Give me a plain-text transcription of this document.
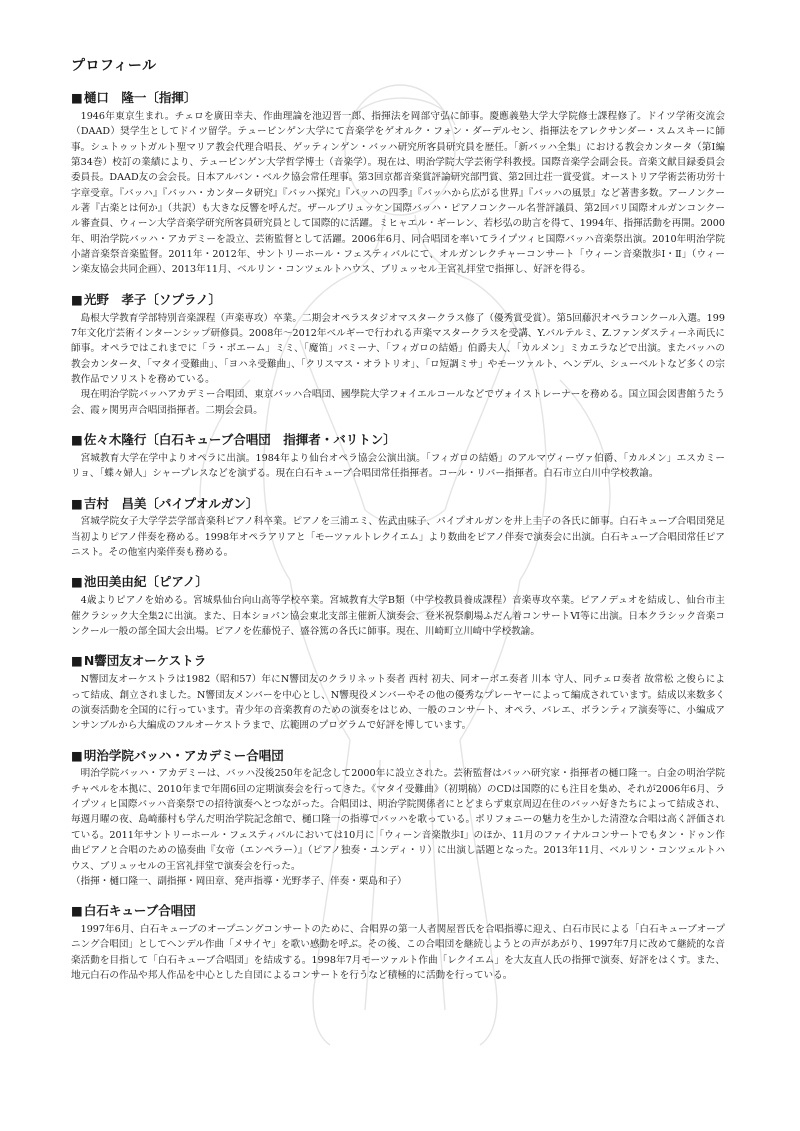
プロフィール
■樋口　隆一〔指揮〕

1946年東京生まれ。チェロを廣田幸夫、作曲理論を池辺晋一郎、指揮法を岡部守弘に師事。慶應義塾大学大学院修士課程修了。ドイツ学術交流会（DAAD）奨学生としてドイツ留学。テュービンゲン大学にて音楽学をゲオルク・フォン・ダーデルセン、指揮法をアレクサンダー・スムスキーに師事。シュトゥットガルト聖マリア教会代理合唱長、ゲッティンゲン・バッハ研究所客員研究員を歴任。「新バッハ全集」における教会カンタータ（第Ⅰ編第34巻）校訂の業績により、テュービンゲン大学哲学博士（音楽学）。現在は、明治学院大学芸術学科教授。国際音楽学会副会長。音楽文献目録委員会委員長。DAAD友の会会長。日本アルバン・ベルク協会常任理事。第3回京都音楽賞評論研究部門賞、第2回辻荘一賞受賞。オーストリア学術芸術功労十字章受章。『バッハ』『バッハ・カンタータ研究』『バッハ探究』『バッハの四季』『バッハから広がる世界』『バッハの風景』など著書多数。アーノンクール著『古楽とは何か』（共訳）も大きな反響を呼んだ。ザールブリュッケン国際バッハ・ピアノコンクール名誉評議員、第2回パリ国際オルガンコンクール審査員、ウィーン大学音楽学研究所客員研究員として国際的に活躍。ミヒャエル・ギーレン、若杉弘の助言を得て、1994年、指揮活動を再開。2000年、明治学院バッハ・アカデミーを設立、芸術監督として活躍。2006年6月、同合唱団を率いてライプツィヒ国際バッハ音楽祭出演。2010年明治学院小諸音楽祭音楽監督。2011年・2012年、サントリーホール・フェスティバルにて、オルガンレクチャーコンサート「ウィーン音楽散歩Ⅰ・Ⅱ」（ウィーン楽友協会共同企画）、2013年11月、ベルリン・コンツェルトハウス、ブリュッセル王宮礼拝堂で指揮し、好評を得る。

■光野　孝子〔ソプラノ〕

島根大学教育学部特別音楽課程（声楽専攻）卒業。二期会オペラスタジオマスタークラス修了（優秀賞受賞）。第5回藤沢オペラコンクール入選。1997年文化庁芸術インターンシップ研修員。2008年～2012年ベルギーで行われる声楽マスタークラスを受講、Y.バルテルミ、Z.ファンダスティーネ両氏に師事。オペラではこれまでに「ラ・ボエーム」ミミ、「魔笛」パミーナ、「フィガロの結婚」伯爵夫人、「カルメン」ミカエラなどで出演。またバッハの教会カンタータ、「マタイ受難曲」、「ヨハネ受難曲」、「クリスマス・オラトリオ」、「ロ短調ミサ」やモーツァルト、ヘンデル、シューベルトなど多くの宗教作品でソリストを務めている。

現在明治学院バッハアカデミー合唱団、東京バッハ合唱団、國學院大学フォイエルコールなどでヴォイストレーナーを務める。国立国会図書館うたう会、霞ヶ関男声合唱団指揮者。二期会会員。

■佐々木隆行〔白石キューブ合唱団　指揮者・バリトン〕

宮城教育大学在学中よりオペラに出演。1984年より仙台オペラ協会公演出演。「フィガロの結婚」のアルマヴィーヴァ伯爵、「カルメン」エスカミーリョ、「蝶々婦人」シャープレスなどを演ずる。現在白石キューブ合唱団常任指揮者。コール・リバー指揮者。白石市立白川中学校教諭。

■吉村　昌美〔パイプオルガン〕

宮城学院女子大学学芸学部音楽科ピアノ科卒業。ピアノを三浦エミ、佐武由味子、パイプオルガンを井上圭子の各氏に師事。白石キューブ合唱団発足当初よりピアノ伴奏を務める。1998年オペラアリアと「モーツァルトレクイエム」より数曲をピアノ伴奏で演奏会に出演。白石キューブ合唱団常任ピアニスト。その他室内楽伴奏も務める。

■池田美由紀〔ピアノ〕

4歳よりピアノを始める。宮城県仙台向山高等学校卒業。宮城教育大学B類（中学校教員養成課程）音楽専攻卒業。ピアノデュオを結成し、仙台市主催クラシック大全集2に出演。また、日本ショパン協会東北支部主催新人演奏会、登米祝祭劇場ふだん着コンサートⅥ等に出演。日本クラシック音楽コンクール一般の部全国大会出場。ピアノを佐藤悦子、盛谷篤の各氏に師事。現在、川崎町立川崎中学校教諭。

■N響団友オーケストラ

N響団友オーケストラは1982（昭和57）年にN響団友のクラリネット奏者 西村 初夫、同オーボエ奏者 川本 守人、同チェロ奏者 故常松 之俊らによって結成、創立されました。N響団友メンバーを中心とし、N響現役メンバーやその他の優秀なプレーヤーによって編成されています。結成以来数多くの演奏活動を全国的に行っています。青少年の音楽教育のための演奏をはじめ、一般のコンサート、オペラ、バレエ、ボランティア演奏等に、小編成アンサンブルから大編成のフルオーケストラまで、広範囲のプログラムで好評を博しています。

■明治学院バッハ・アカデミー合唱団

明治学院バッハ・アカデミーは、バッハ没後250年を記念して2000年に設立された。芸術監督はバッハ研究家・指揮者の樋口隆一。白金の明治学院チャペルを本拠に、2010年まで年間6回の定期演奏会を行ってきた。《マタイ受難曲》（初期稿）のCDは国際的にも注目を集め、それが2006年6月、ライプツィヒ国際バッハ音楽祭での招待演奏へとつながった。合唱団は、明治学院関係者にとどまらず東京周辺在住のバッハ好きたちによって結成され、毎週月曜の夜、島崎藤村も学んだ明治学院記念館で、樋口隆一の指導でバッハを歌っている。ポリフォニーの魅力を生かした清澄な合唱は高く評価されている。2011年サントリーホール・フェスティバルにおいては10月に「ウィーン音楽散歩Ⅰ」のほか、11月のファイナルコンサートでもタン・ドゥン作曲ピアノと合唱のための協奏曲『女帝（エンペラー）』（ピアノ独奏・ユンディ・リ）に出演し話題となった。2013年11月、ベルリン・コンツェルトハウス、ブリュッセルの王宮礼拝堂で演奏会を行った。

（指揮・樋口隆一、副指揮・岡田章、発声指導・光野孝子、伴奏・栗島和子）

■白石キューブ合唱団

1997年6月、白石キューブのオープニングコンサートのために、合唱界の第一人者関屋晋氏を合唱指導に迎え、白石市民による「白石キューブオープニング合唱団」としてヘンデル作曲「メサイヤ」を歌い感動を呼ぶ。その後、この合唱団を継続しようとの声があがり、1997年7月に改めて継続的な音楽活動を目指して「白石キューブ合唱団」を結成する。1998年7月モーツァルト作曲「レクイエム」を大友直人氏の指揮で演奏、好評をはくす。また、地元白石の作品や邦人作品を中心とした自団によるコンサートを行うなど積極的に活動を行っている。
